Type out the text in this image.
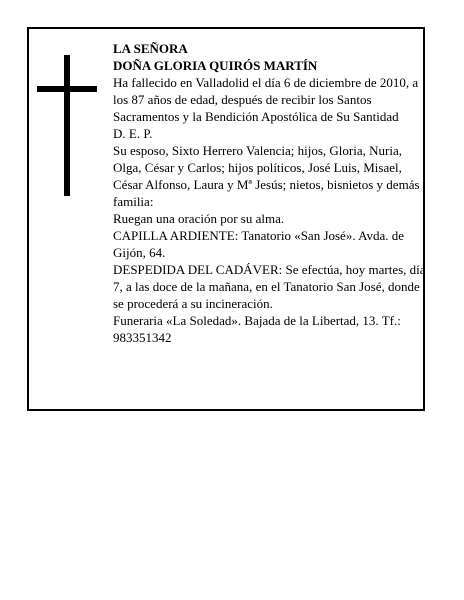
LA SEÑORA

DOÑA GLORIA QUIRÓS MARTÍN

Ha fallecido en Valladolid el día 6 de diciembre de 2010, a los 87 años de edad, después de recibir los Santos Sacramentos y la Bendición Apostólica de Su Santidad

D. E. P.

Su esposo, Sixto Herrero Valencia; hijos, Gloria, Nuria, Olga, César y Carlos; hijos políticos, José Luis, Misael, César Alfonso, Laura y Mª Jesús; nietos, bisnietos y demás familia:

Ruegan una oración por su alma.

CAPILLA ARDIENTE: Tanatorio «San José». Avda. de Gijón, 64.

DESPEDIDA DEL CADÁVER: Se efectúa, hoy martes, día 7, a las doce de la mañana, en el Tanatorio San José, donde se procederá a su incineración.

Funeraria «La Soledad». Bajada de la Libertad, 13. Tf.: 983351342
